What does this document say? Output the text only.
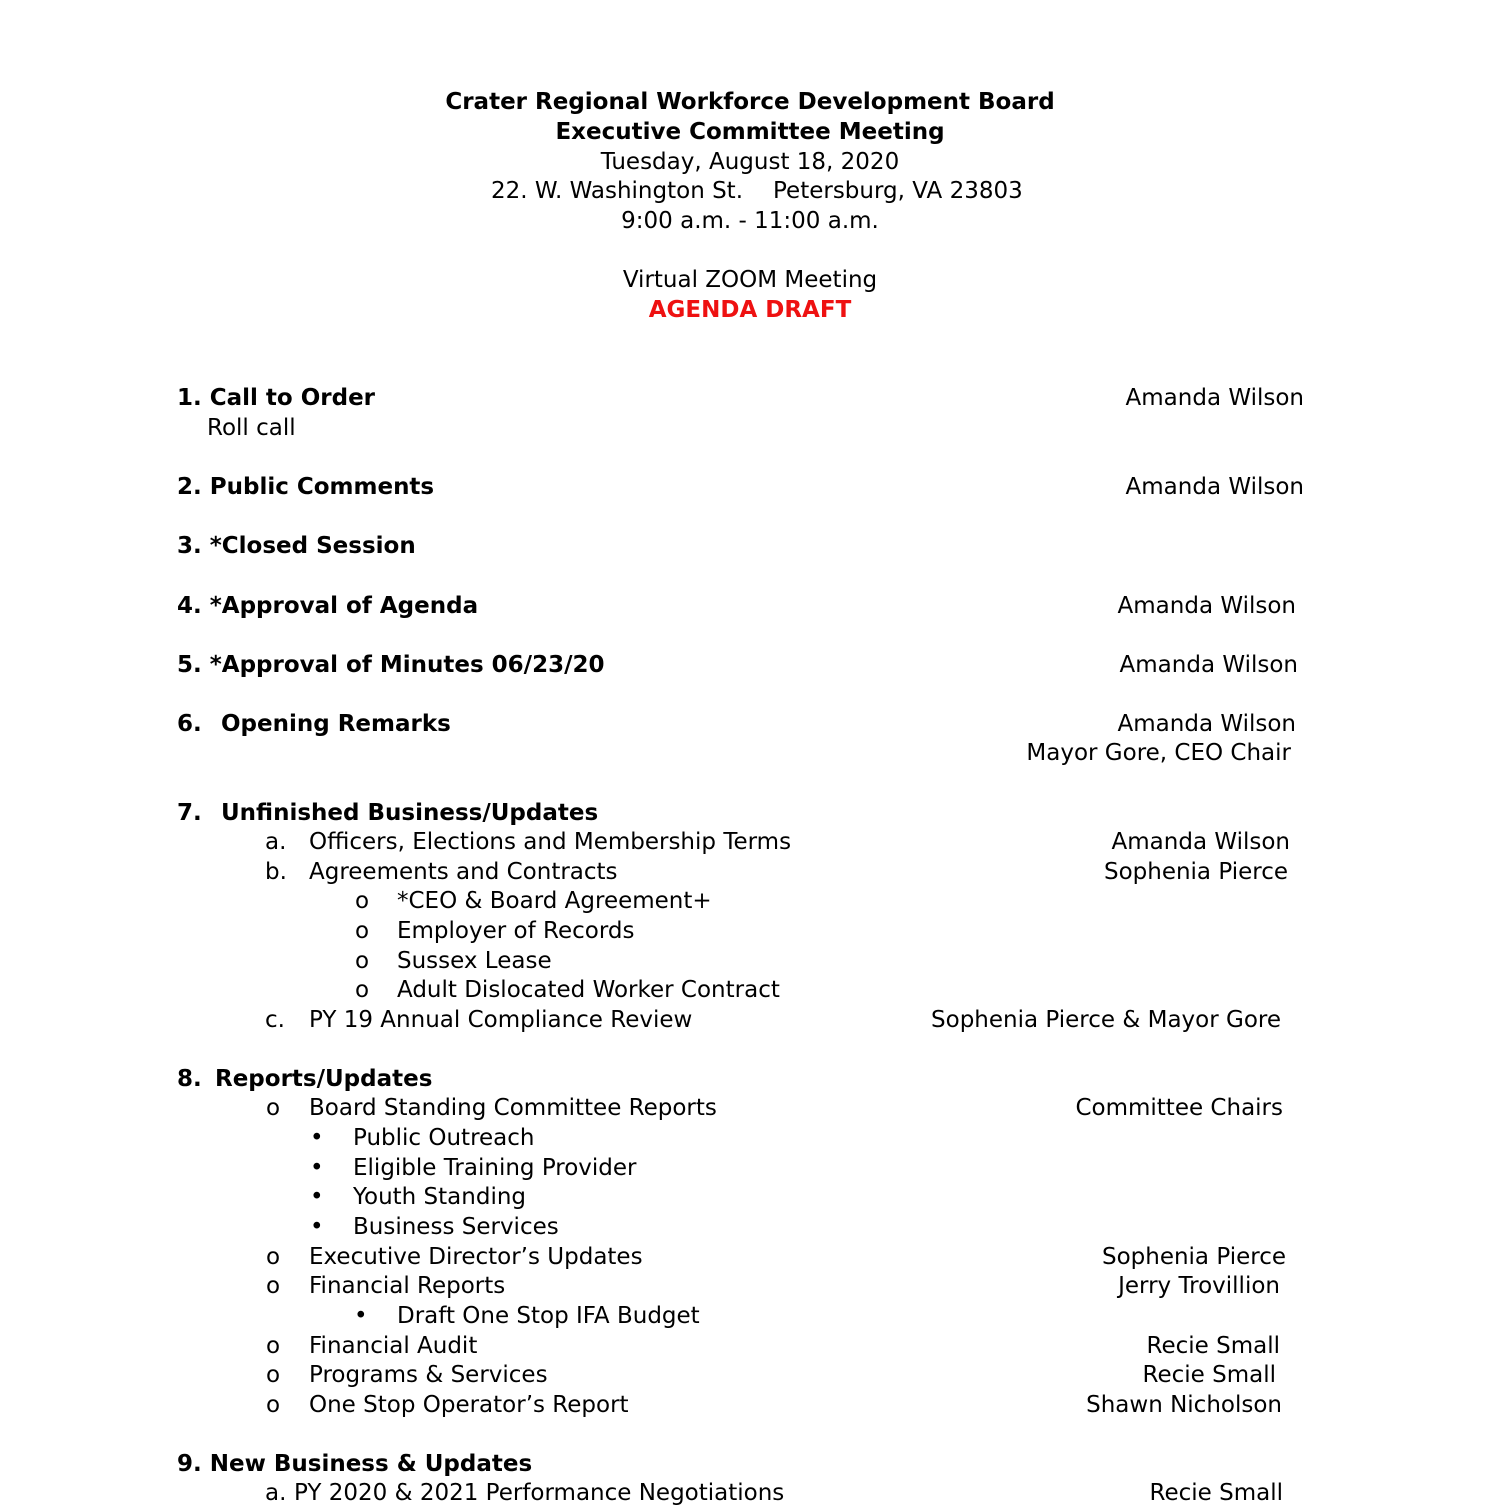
Crater Regional Workforce Development Board
Executive Committee Meeting
Tuesday, August 18, 2020
22. W. Washington St. Petersburg, VA 23803
9:00 a.m. - 11:00 a.m.
Virtual ZOOM Meeting
AGENDA DRAFT
1. Call to Order	Amanda Wilson
Roll call
2. Public Comments	Amanda Wilson
3. *Closed Session
4. *Approval of Agenda	Amanda Wilson
5. *Approval of Minutes 06/23/20	Amanda Wilson
6. Opening Remarks	Amanda Wilson
Mayor Gore, CEO Chair
7. Unfinished Business/Updates
a. Officers, Elections and Membership Terms	Amanda Wilson
b. Agreements and Contracts	Sophenia Pierce
o *CEO & Board Agreement+
o Employer of Records
o Sussex Lease
o Adult Dislocated Worker Contract
c. PY 19 Annual Compliance Review	Sophenia Pierce & Mayor Gore
8. Reports/Updates
o Board Standing Committee Reports	Committee Chairs
• Public Outreach
• Eligible Training Provider
• Youth Standing
• Business Services
o Executive Director’s Updates	Sophenia Pierce
o Financial Reports	Jerry Trovillion
• Draft One Stop IFA Budget
o Financial Audit	Recie Small
o Programs & Services	Recie Small
o One Stop Operator’s Report	Shawn Nicholson
9. New Business & Updates
a. PY 2020 & 2021 Performance Negotiations	Recie Small
